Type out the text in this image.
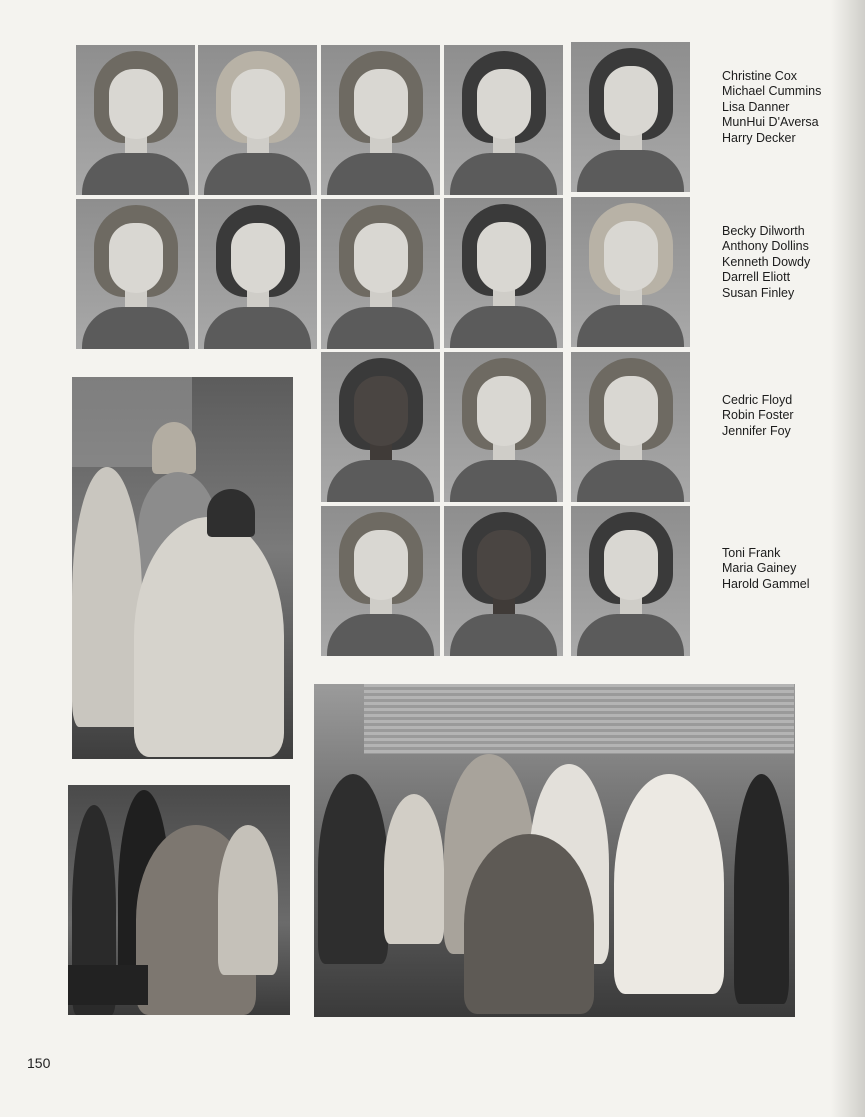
Christine Cox
Michael Cummins
Lisa Danner
MunHui D'Aversa
Harry Decker
Becky Dilworth
Anthony Dollins
Kenneth Dowdy
Darrell Eliott
Susan Finley
Cedric Floyd
Robin Foster
Jennifer Foy
Toni Frank
Maria Gainey
Harold Gammel
150
